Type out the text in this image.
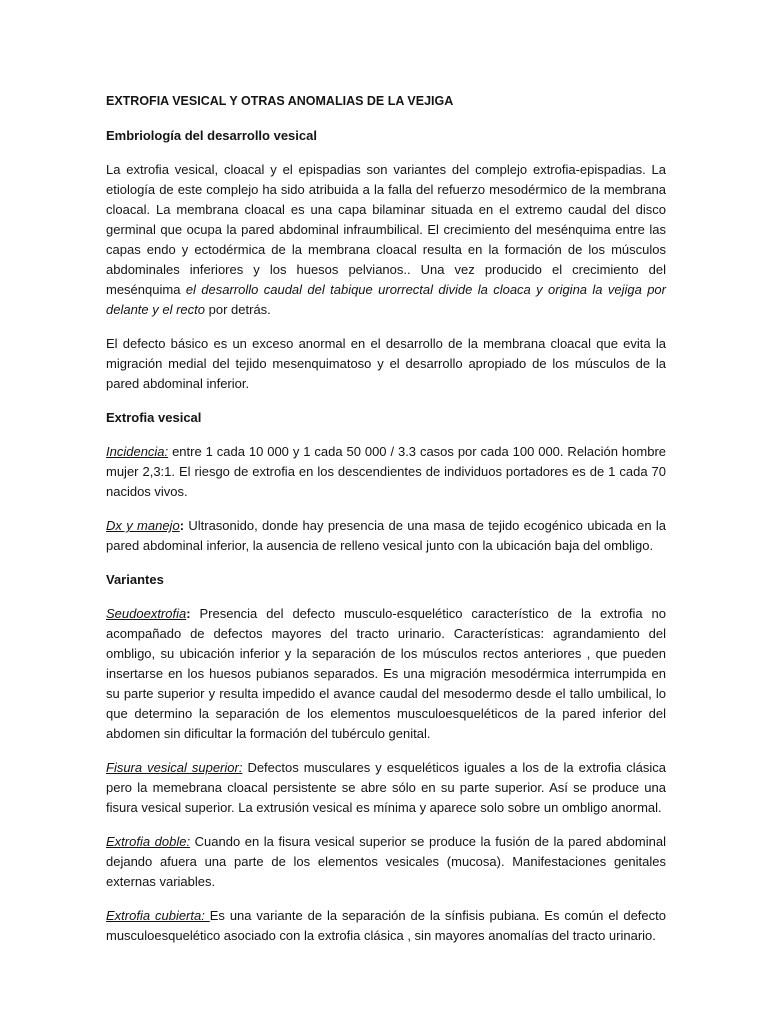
EXTROFIA VESICAL Y OTRAS ANOMALIAS DE LA VEJIGA
Embriología del desarrollo vesical

La extrofia vesical, cloacal y el epispadias son variantes del complejo extrofia-epispadias. La etiología de este complejo ha sido atribuida a la falla del refuerzo mesodérmico de la membrana cloacal. La membrana cloacal es una capa bilaminar situada en el extremo caudal del disco germinal que ocupa la pared abdominal infraumbilical. El crecimiento del mesénquima entre las capas endo y ectodérmica de la membrana cloacal resulta en la formación de los músculos abdominales inferiores y los huesos pelvianos.. Una vez producido el crecimiento del mesénquima el desarrollo caudal del tabique urorrectal divide la cloaca y origina la vejiga por delante y el recto por detrás.

El defecto básico es un exceso anormal en el desarrollo de la membrana cloacal que evita la migración medial del tejido mesenquimatoso y el desarrollo apropiado de los músculos de la pared abdominal inferior.

Extrofia vesical

Incidencia: entre 1 cada 10 000 y 1 cada 50 000 / 3.3 casos por cada 100 000. Relación hombre mujer 2,3:1. El riesgo de extrofia en los descendientes de individuos portadores es de 1 cada 70 nacidos vivos.

Dx y manejo: Ultrasonido, donde hay presencia de una masa de tejido ecogénico ubicada en la pared abdominal inferior, la ausencia de relleno vesical junto con la ubicación baja del ombligo.

Variantes

Seudoextrofia: Presencia del defecto musculo-esquelético característico de la extrofia no acompañado de defectos mayores del tracto urinario. Características: agrandamiento del ombligo, su ubicación inferior y la separación de los músculos rectos anteriores , que pueden insertarse en los huesos pubianos separados. Es una migración mesodérmica interrumpida en su parte superior y resulta impedido el avance caudal del mesodermo desde el tallo umbilical, lo que determino la separación de los elementos musculoesqueléticos de la pared inferior del abdomen sin dificultar la formación del tubérculo genital.

Fisura vesical superior: Defectos musculares y esqueléticos iguales a los de la extrofia clásica pero la memebrana cloacal persistente se abre sólo en su parte superior. Así se produce una fisura vesical superior. La extrusión vesical es mínima y aparece solo sobre un ombligo anormal.

Extrofia doble: Cuando en la fisura vesical superior se produce la fusión de la pared abdominal dejando afuera una parte de los elementos vesicales (mucosa). Manifestaciones genitales externas variables.

Extrofia cubierta: Es una variante de la separación de la sínfisis pubiana. Es común el defecto musculoesquelético asociado con la extrofia clásica , sin mayores anomalías del tracto urinario.
